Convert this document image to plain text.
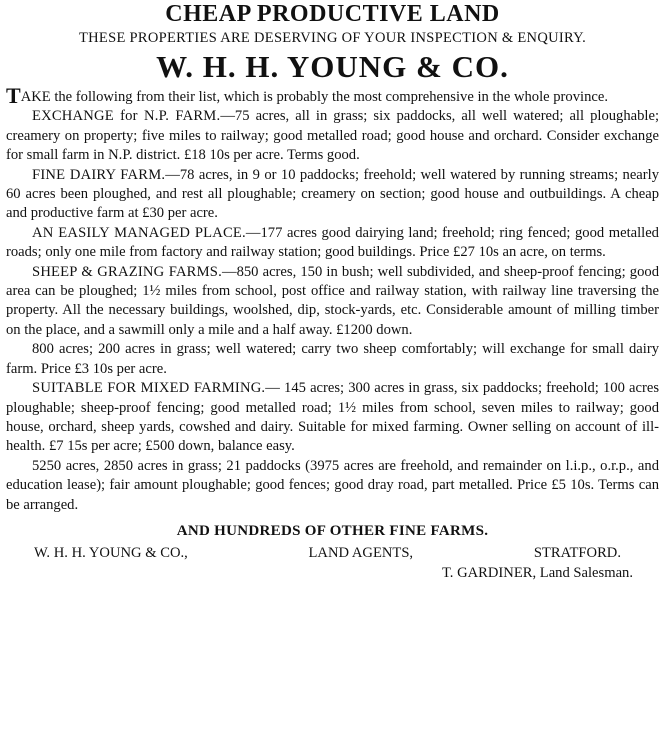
CHEAP PRODUCTIVE LAND
THESE PROPERTIES ARE DESERVING OF YOUR INSPECTION & ENQUIRY.
W. H. H. YOUNG & CO.

TAKE the following from their list, which is probably the most comprehensive in the whole province.

EXCHANGE for N.P. FARM.—75 acres, all in grass; six paddocks, all well watered; all ploughable; creamery on property; five miles to railway; good metalled road; good house and orchard. Consider exchange for small farm in N.P. district. £18 10s per acre. Terms good.

FINE DAIRY FARM.—78 acres, in 9 or 10 paddocks; freehold; well watered by running streams; nearly 60 acres been ploughed, and rest all ploughable; creamery on section; good house and outbuildings. A cheap and productive farm at £30 per acre.

AN EASILY MANAGED PLACE.—177 acres good dairying land; freehold; ring fenced; good metalled roads; only one mile from factory and railway station; good buildings. Price £27 10s an acre, on terms.

SHEEP & GRAZING FARMS.—850 acres, 150 in bush; well subdivided, and sheep-proof fencing; good area can be ploughed; 1½ miles from school, post office and railway station, with railway line traversing the property. All the necessary buildings, woolshed, dip, stock-yards, etc. Considerable amount of milling timber on the place, and a sawmill only a mile and a half away. £1200 down.

800 acres; 200 acres in grass; well watered; carry two sheep comfortably; will exchange for small dairy farm. Price £3 10s per acre.

SUITABLE FOR MIXED FARMING.— 145 acres; 300 acres in grass, six paddocks; freehold; 100 acres ploughable; sheep-proof fencing; good metalled road; 1½ miles from school, seven miles to railway; good house, orchard, sheep yards, cowshed and dairy. Suitable for mixed farming. Owner selling on account of ill-health. £7 15s per acre; £500 down, balance easy.

5250 acres, 2850 acres in grass; 21 paddocks (3975 acres are freehold, and remainder on l.i.p., o.r.p., and education lease); fair amount ploughable; good fences; good dray road, part metalled. Price £5 10s. Terms can be arranged.

AND HUNDREDS OF OTHER FINE FARMS.
W. H. H. YOUNG & CO.,	LAND AGENTS,	STRATFORD.
T. GARDINER, Land Salesman.
